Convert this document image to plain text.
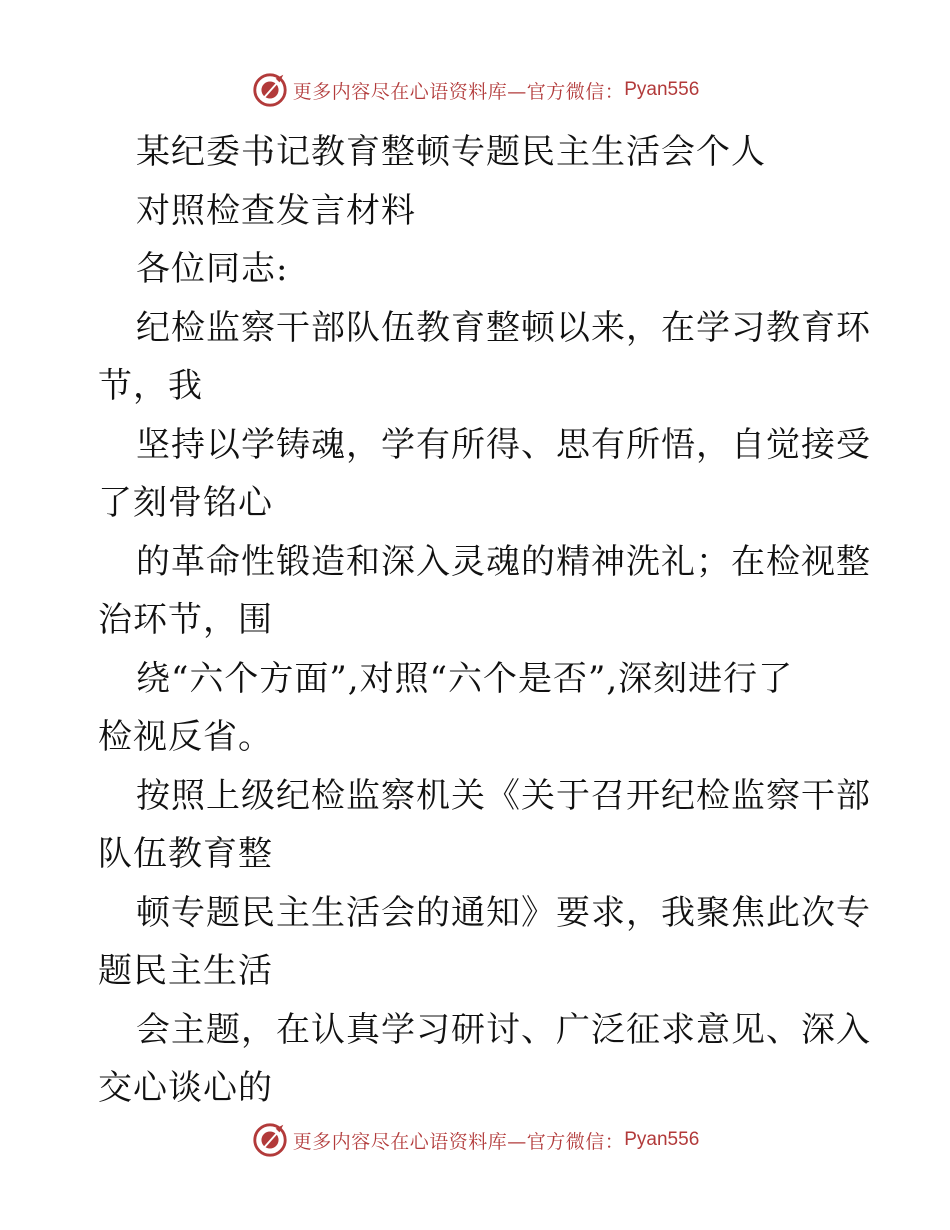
更多内容尽在心语资料库—官方微信： Pyan556
某纪委书记教育整顿专题民主生活会个人
对照检查发言材料
各位同志:
纪检监察干部队伍教育整顿以来，在学习教育环
节，我
坚持以学铸魂，学有所得、思有所悟，自觉接受
了刻骨铭心
的革命性锻造和深入灵魂的精神洗礼；在检视整
治环节，围
绕“六个方面”,对照“六个是否”,深刻进行了
检视反省。
按照上级纪检监察机关《关于召开纪检监察干部
队伍教育整
顿专题民主生活会的通知》要求，我聚焦此次专
题民主生活
会主题，在认真学习研讨、广泛征求意见、深入
交心谈心的
更多内容尽在心语资料库—官方微信： Pyan556
